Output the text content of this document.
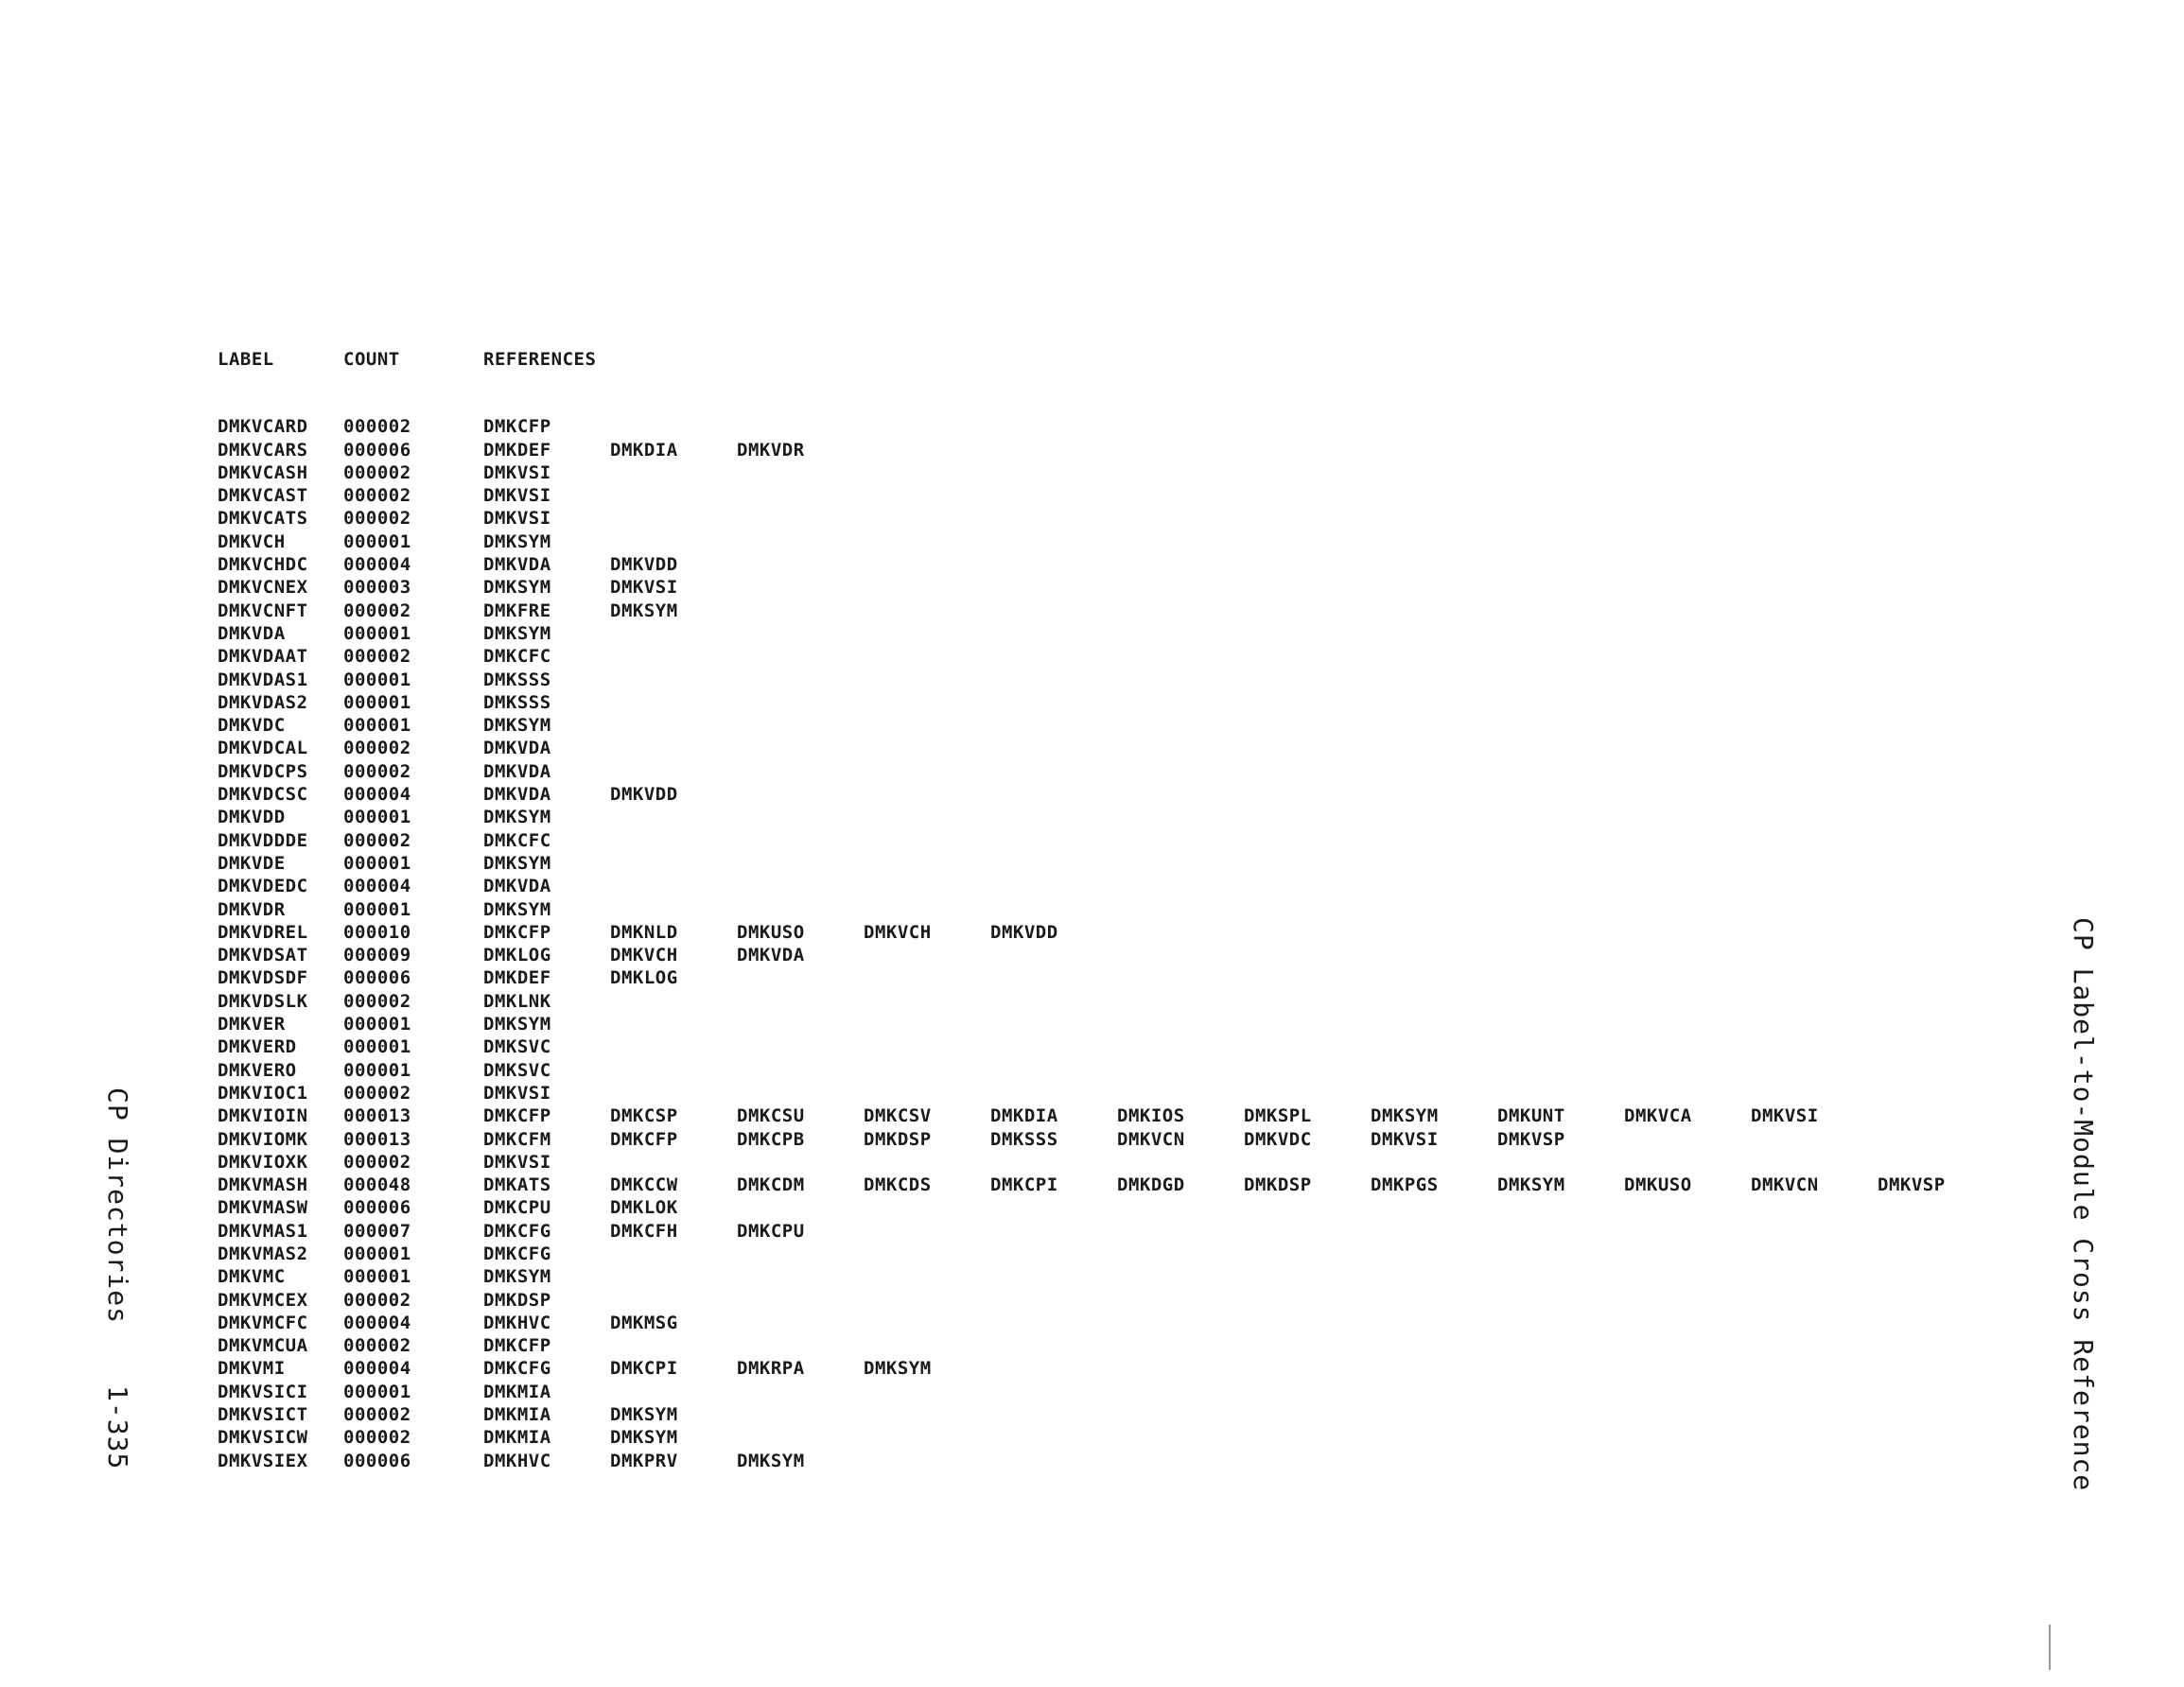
LABEL	COUNT	REFERENCES
DMKVCARD	000002	DMKCFP
DMKVCARS	000006	DMKDEF	DMKDIA	DMKVDR
DMKVCASH	000002	DMKVSI
DMKVCAST	000002	DMKVSI
DMKVCATS	000002	DMKVSI
DMKVCH	000001	DMKSYM
DMKVCHDC	000004	DMKVDA	DMKVDD
DMKVCNEX	000003	DMKSYM	DMKVSI
DMKVCNFT	000002	DMKFRE	DMKSYM
DMKVDA	000001	DMKSYM
DMKVDAAT	000002	DMKCFC
DMKVDAS1	000001	DMKSSS
DMKVDAS2	000001	DMKSSS
DMKVDC	000001	DMKSYM
DMKVDCAL	000002	DMKVDA
DMKVDCPS	000002	DMKVDA
DMKVDCSC	000004	DMKVDA	DMKVDD
DMKVDD	000001	DMKSYM
DMKVDDDE	000002	DMKCFC
DMKVDE	000001	DMKSYM
DMKVDEDC	000004	DMKVDA
DMKVDR	000001	DMKSYM
DMKVDREL	000010	DMKCFP	DMKNLD	DMKUSO	DMKVCH	DMKVDD
DMKVDSAT	000009	DMKLOG	DMKVCH	DMKVDA
DMKVDSDF	000006	DMKDEF	DMKLOG
DMKVDSLK	000002	DMKLNK
DMKVER	000001	DMKSYM
DMKVERD	000001	DMKSVC
DMKVERO	000001	DMKSVC
DMKVIOC1	000002	DMKVSI
DMKVIOIN	000013	DMKCFP	DMKCSP	DMKCSU	DMKCSV	DMKDIA	DMKIOS	DMKSPL	DMKSYM	DMKUNT	DMKVCA	DMKVSI
DMKVIOMK	000013	DMKCFM	DMKCFP	DMKCPB	DMKDSP	DMKSSS	DMKVCN	DMKVDC	DMKVSI	DMKVSP
DMKVIOXK	000002	DMKVSI
DMKVMASH	000048	DMKATS	DMKCCW	DMKCDM	DMKCDS	DMKCPI	DMKDGD	DMKDSP	DMKPGS	DMKSYM	DMKUSO	DMKVCN	DMKVSP
DMKVMASW	000006	DMKCPU	DMKLOK
DMKVMAS1	000007	DMKCFG	DMKCFH	DMKCPU
DMKVMAS2	000001	DMKCFG
DMKVMC	000001	DMKSYM
DMKVMCEX	000002	DMKDSP
DMKVMCFC	000004	DMKHVC	DMKMSG
DMKVMCUA	000002	DMKCFP
DMKVMI	000004	DMKCFG	DMKCPI	DMKRPA	DMKSYM
DMKVSICI	000001	DMKMIA
DMKVSICT	000002	DMKMIA	DMKSYM
DMKVSICW	000002	DMKMIA	DMKSYM
DMKVSIEX	000006	DMKHVC	DMKPRV	DMKSYM
CP Directories
1-335	CP Label-to-Module Cross Reference
